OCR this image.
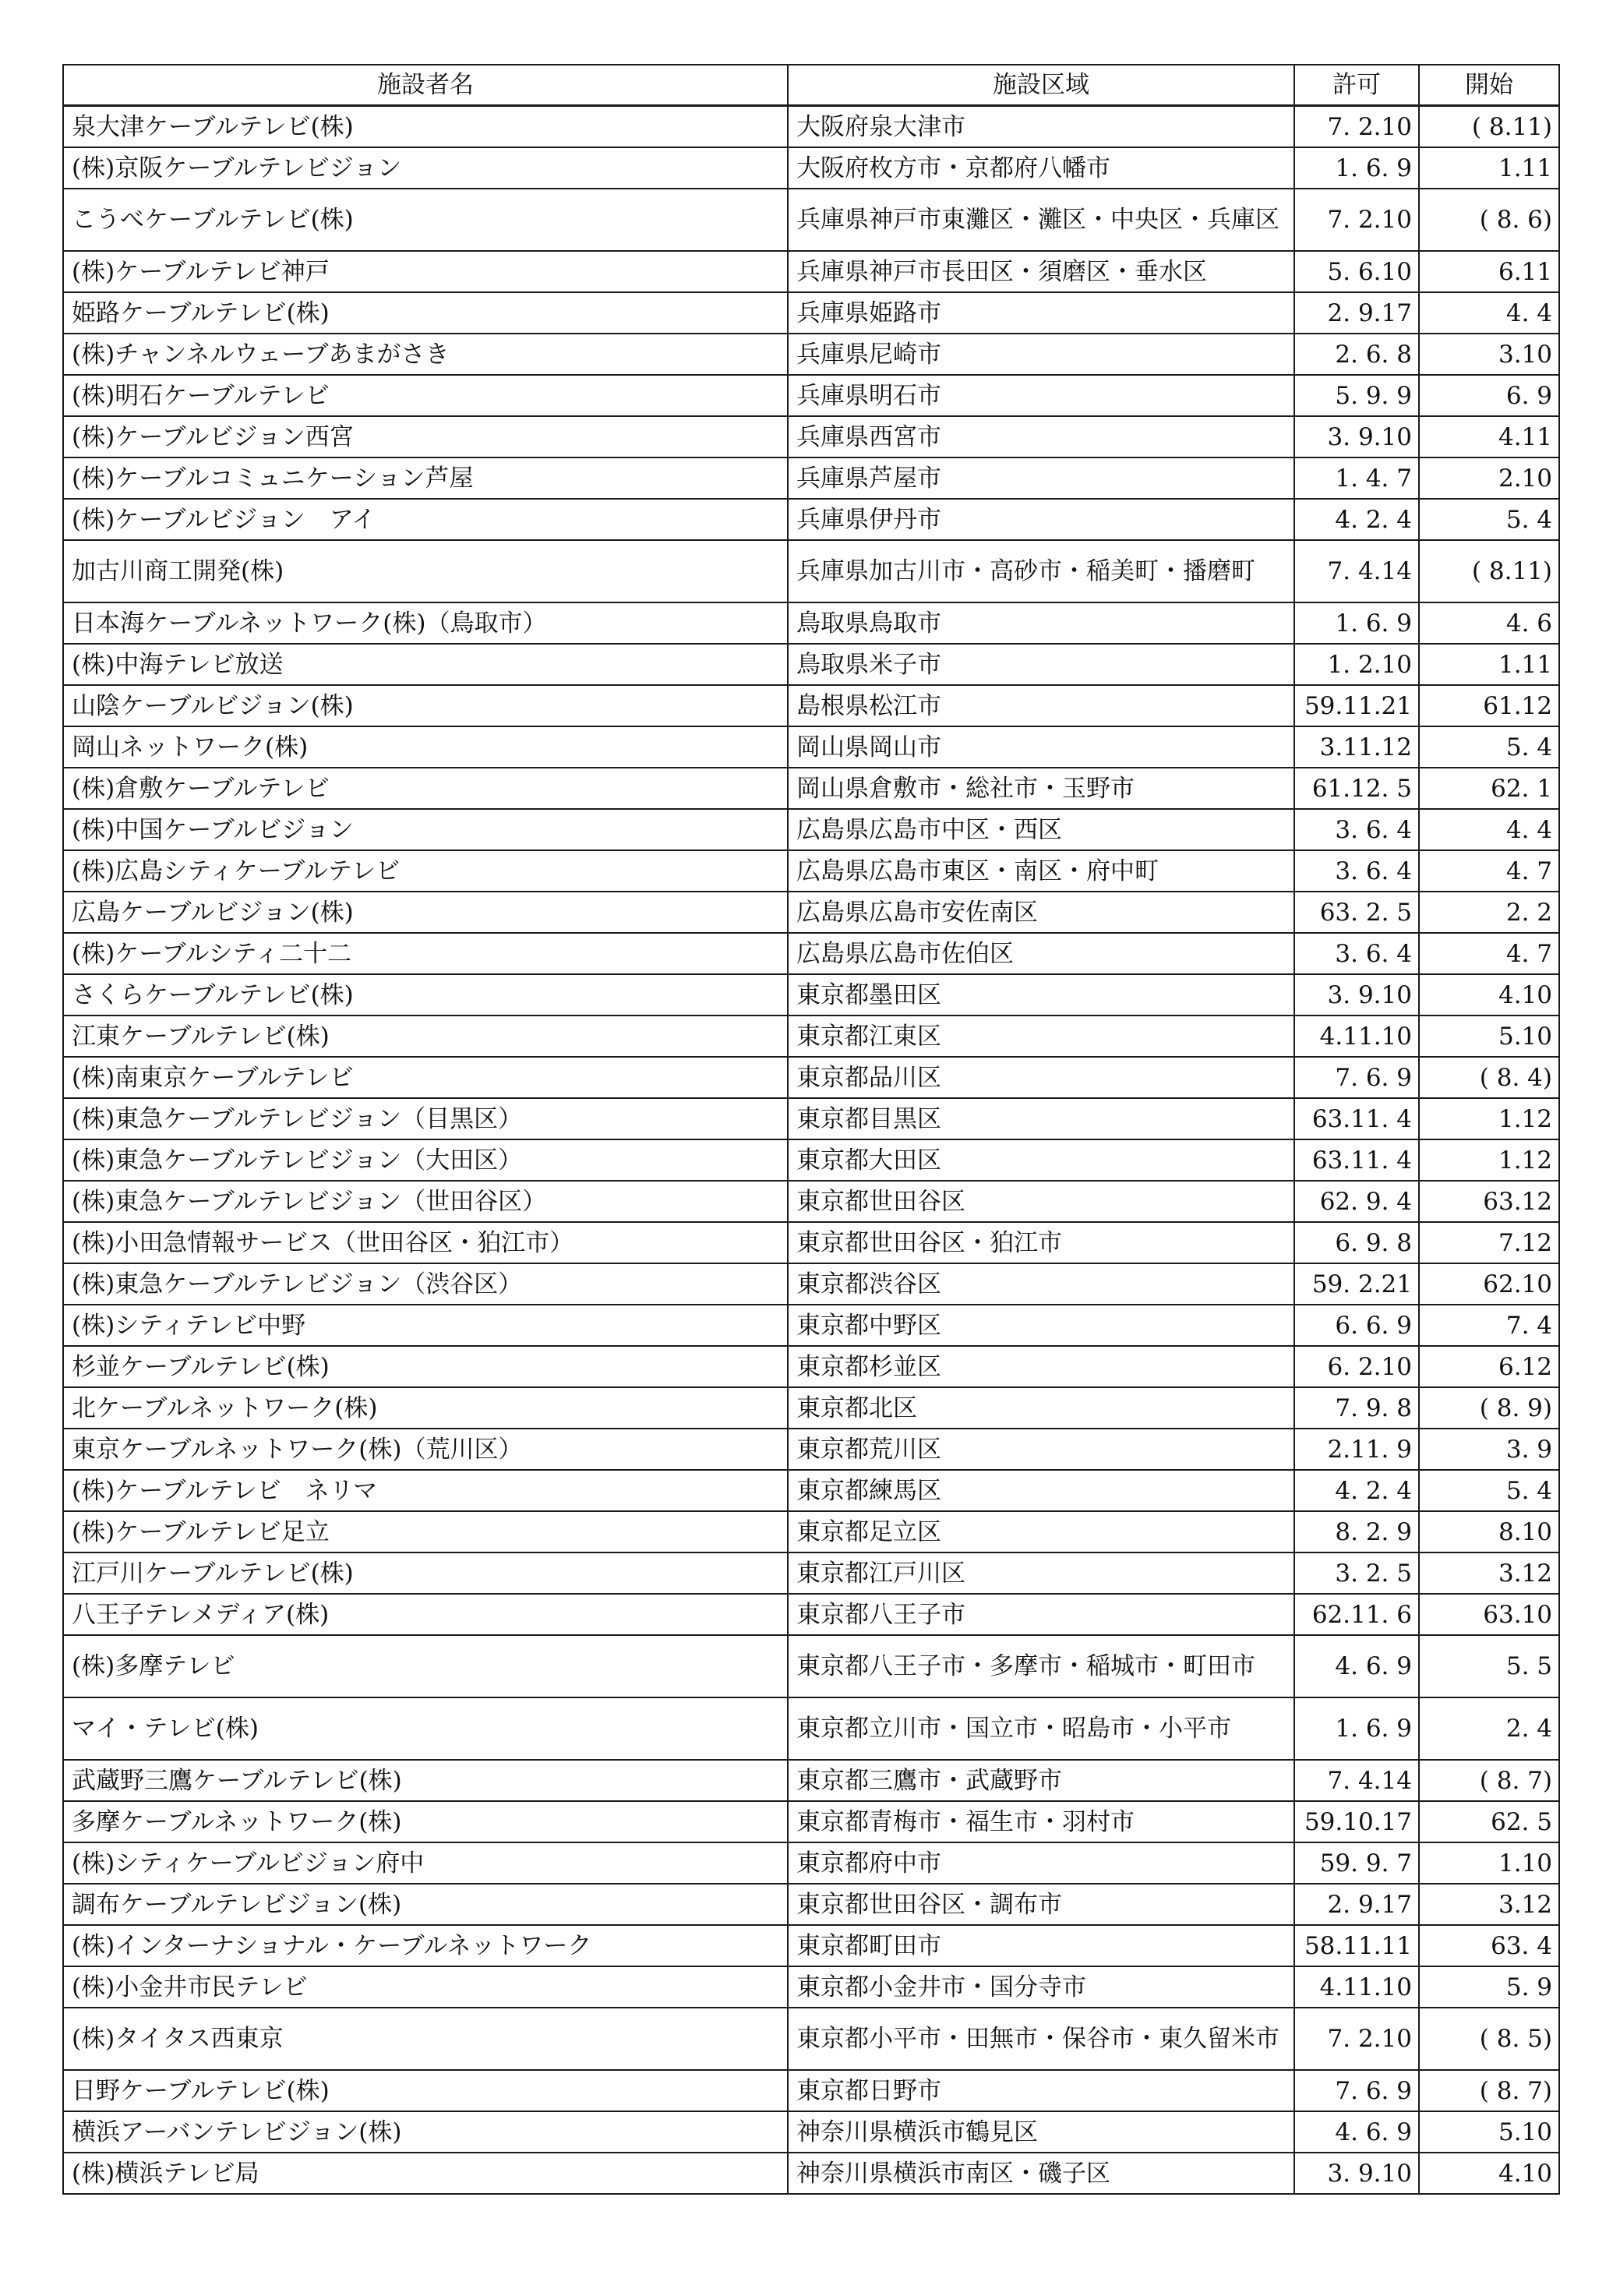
施設者名	施設区域	許可	開始
泉大津ケーブルテレビ(株)	大阪府泉大津市	7. 2.10	( 8.11)
(株)京阪ケーブルテレビジョン	大阪府枚方市・京都府八幡市	1. 6. 9	1.11
こうべケーブルテレビ(株)	兵庫県神戸市東灘区・灘区・中央区・兵庫区	7. 2.10	( 8. 6)
(株)ケーブルテレビ神戸	兵庫県神戸市長田区・須磨区・垂水区	5. 6.10	6.11
姫路ケーブルテレビ(株)	兵庫県姫路市	2. 9.17	4. 4
(株)チャンネルウェーブあまがさき	兵庫県尼崎市	2. 6. 8	3.10
(株)明石ケーブルテレビ	兵庫県明石市	5. 9. 9	6. 9
(株)ケーブルビジョン西宮	兵庫県西宮市	3. 9.10	4.11
(株)ケーブルコミュニケーション芦屋	兵庫県芦屋市	1. 4. 7	2.10
(株)ケーブルビジョン　アイ	兵庫県伊丹市	4. 2. 4	5. 4
加古川商工開発(株)	兵庫県加古川市・高砂市・稲美町・播磨町	7. 4.14	( 8.11)
日本海ケーブルネットワーク(株)（鳥取市）	鳥取県鳥取市	1. 6. 9	4. 6
(株)中海テレビ放送	鳥取県米子市	1. 2.10	1.11
山陰ケーブルビジョン(株)	島根県松江市	59.11.21	61.12
岡山ネットワーク(株)	岡山県岡山市	3.11.12	5. 4
(株)倉敷ケーブルテレビ	岡山県倉敷市・総社市・玉野市	61.12. 5	62. 1
(株)中国ケーブルビジョン	広島県広島市中区・西区	3. 6. 4	4. 4
(株)広島シティケーブルテレビ	広島県広島市東区・南区・府中町	3. 6. 4	4. 7
広島ケーブルビジョン(株)	広島県広島市安佐南区	63. 2. 5	2. 2
(株)ケーブルシティ二十二	広島県広島市佐伯区	3. 6. 4	4. 7
さくらケーブルテレビ(株)	東京都墨田区	3. 9.10	4.10
江東ケーブルテレビ(株)	東京都江東区	4.11.10	5.10
(株)南東京ケーブルテレビ	東京都品川区	7. 6. 9	( 8. 4)
(株)東急ケーブルテレビジョン（目黒区）	東京都目黒区	63.11. 4	1.12
(株)東急ケーブルテレビジョン（大田区）	東京都大田区	63.11. 4	1.12
(株)東急ケーブルテレビジョン（世田谷区）	東京都世田谷区	62. 9. 4	63.12
(株)小田急情報サービス（世田谷区・狛江市）	東京都世田谷区・狛江市	6. 9. 8	7.12
(株)東急ケーブルテレビジョン（渋谷区）	東京都渋谷区	59. 2.21	62.10
(株)シティテレビ中野	東京都中野区	6. 6. 9	7. 4
杉並ケーブルテレビ(株)	東京都杉並区	6. 2.10	6.12
北ケーブルネットワーク(株)	東京都北区	7. 9. 8	( 8. 9)
東京ケーブルネットワーク(株)（荒川区）	東京都荒川区	2.11. 9	3. 9
(株)ケーブルテレビ　ネリマ	東京都練馬区	4. 2. 4	5. 4
(株)ケーブルテレビ足立	東京都足立区	8. 2. 9	8.10
江戸川ケーブルテレビ(株)	東京都江戸川区	3. 2. 5	3.12
八王子テレメディア(株)	東京都八王子市	62.11. 6	63.10
(株)多摩テレビ	東京都八王子市・多摩市・稲城市・町田市	4. 6. 9	5. 5
マイ・テレビ(株)	東京都立川市・国立市・昭島市・小平市	1. 6. 9	2. 4
武蔵野三鷹ケーブルテレビ(株)	東京都三鷹市・武蔵野市	7. 4.14	( 8. 7)
多摩ケーブルネットワーク(株)	東京都青梅市・福生市・羽村市	59.10.17	62. 5
(株)シティケーブルビジョン府中	東京都府中市	59. 9. 7	1.10
調布ケーブルテレビジョン(株)	東京都世田谷区・調布市	2. 9.17	3.12
(株)インターナショナル・ケーブルネットワーク	東京都町田市	58.11.11	63. 4
(株)小金井市民テレビ	東京都小金井市・国分寺市	4.11.10	5. 9
(株)タイタス西東京	東京都小平市・田無市・保谷市・東久留米市	7. 2.10	( 8. 5)
日野ケーブルテレビ(株)	東京都日野市	7. 6. 9	( 8. 7)
横浜アーバンテレビジョン(株)	神奈川県横浜市鶴見区	4. 6. 9	5.10
(株)横浜テレビ局	神奈川県横浜市南区・磯子区	3. 9.10	4.10
